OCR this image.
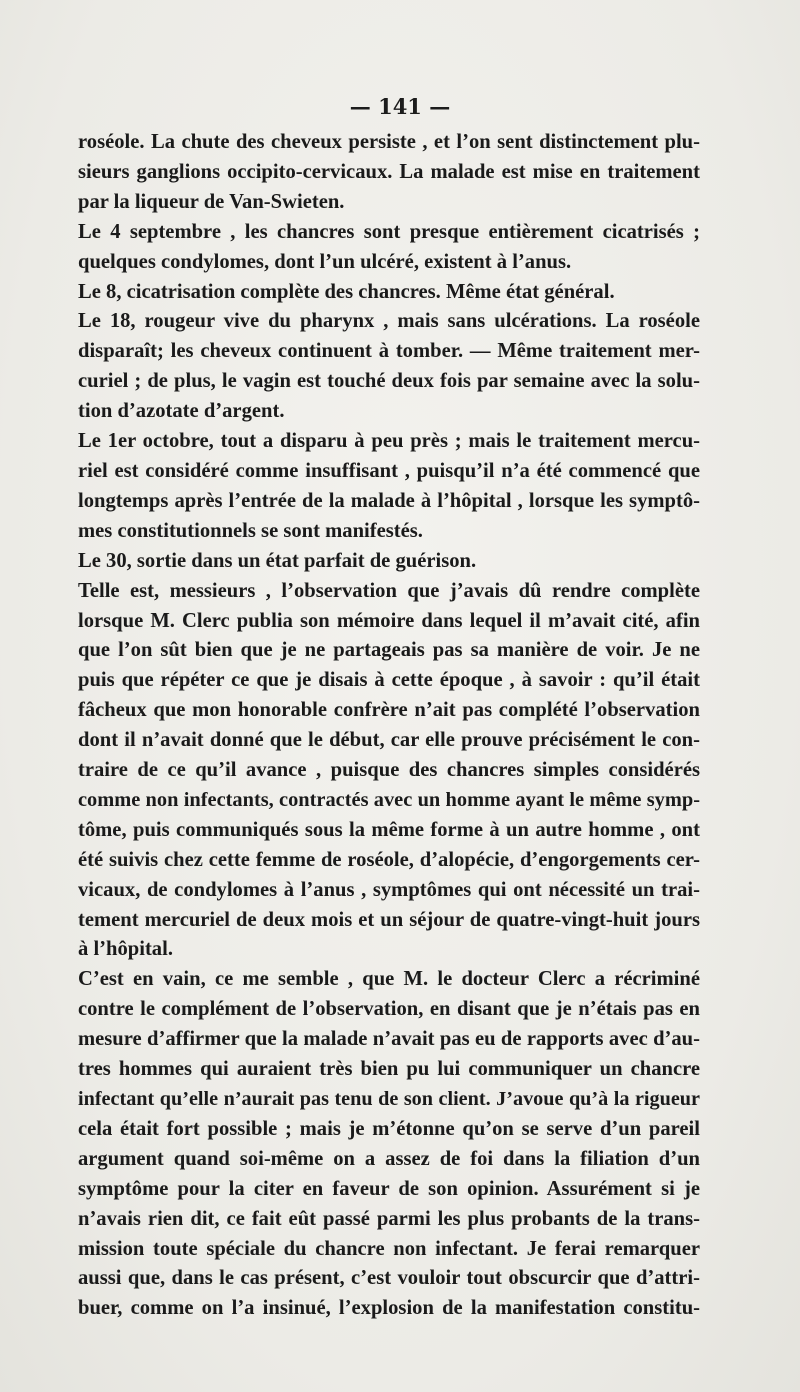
— 141 —
roséole. La chute des cheveux persiste , et l’on sent distinctement plu-
sieurs ganglions occipito-cervicaux. La malade est mise en traitement
par la liqueur de Van-Swieten.
Le 4 septembre , les chancres sont presque entièrement cicatrisés ;
quelques condylomes, dont l’un ulcéré, existent à l’anus.
Le 8, cicatrisation complète des chancres. Même état général.
Le 18, rougeur vive du pharynx , mais sans ulcérations. La roséole
disparaît; les cheveux continuent à tomber. — Même traitement mer-
curiel ; de plus, le vagin est touché deux fois par semaine avec la solu-
tion d’azotate d’argent.
Le 1er octobre, tout a disparu à peu près ; mais le traitement mercu-
riel est considéré comme insuffisant , puisqu’il n’a été commencé que
longtemps après l’entrée de la malade à l’hôpital , lorsque les symptô-
mes constitutionnels se sont manifestés.
Le 30, sortie dans un état parfait de guérison.
Telle est, messieurs , l’observation que j’avais dû rendre complète
lorsque M. Clerc publia son mémoire dans lequel il m’avait cité, afin
que l’on sût bien que je ne partageais pas sa manière de voir. Je ne
puis que répéter ce que je disais à cette époque , à savoir : qu’il était
fâcheux que mon honorable confrère n’ait pas complété l’observation
dont il n’avait donné que le début, car elle prouve précisément le con-
traire de ce qu’il avance , puisque des chancres simples considérés
comme non infectants, contractés avec un homme ayant le même symp-
tôme, puis communiqués sous la même forme à un autre homme , ont
été suivis chez cette femme de roséole, d’alopécie, d’engorgements cer-
vicaux, de condylomes à l’anus , symptômes qui ont nécessité un trai-
tement mercuriel de deux mois et un séjour de quatre-vingt-huit jours
à l’hôpital.
C’est en vain, ce me semble , que M. le docteur Clerc a récriminé
contre le complément de l’observation, en disant que je n’étais pas en
mesure d’affirmer que la malade n’avait pas eu de rapports avec d’au-
tres hommes qui auraient très bien pu lui communiquer un chancre
infectant qu’elle n’aurait pas tenu de son client. J’avoue qu’à la rigueur
cela était fort possible ; mais je m’étonne qu’on se serve d’un pareil
argument quand soi-même on a assez de foi dans la filiation d’un
symptôme pour la citer en faveur de son opinion. Assurément si je
n’avais rien dit, ce fait eût passé parmi les plus probants de la trans-
mission toute spéciale du chancre non infectant. Je ferai remarquer
aussi que, dans le cas présent, c’est vouloir tout obscurcir que d’attri-
buer, comme on l’a insinué, l’explosion de la manifestation constitu-
